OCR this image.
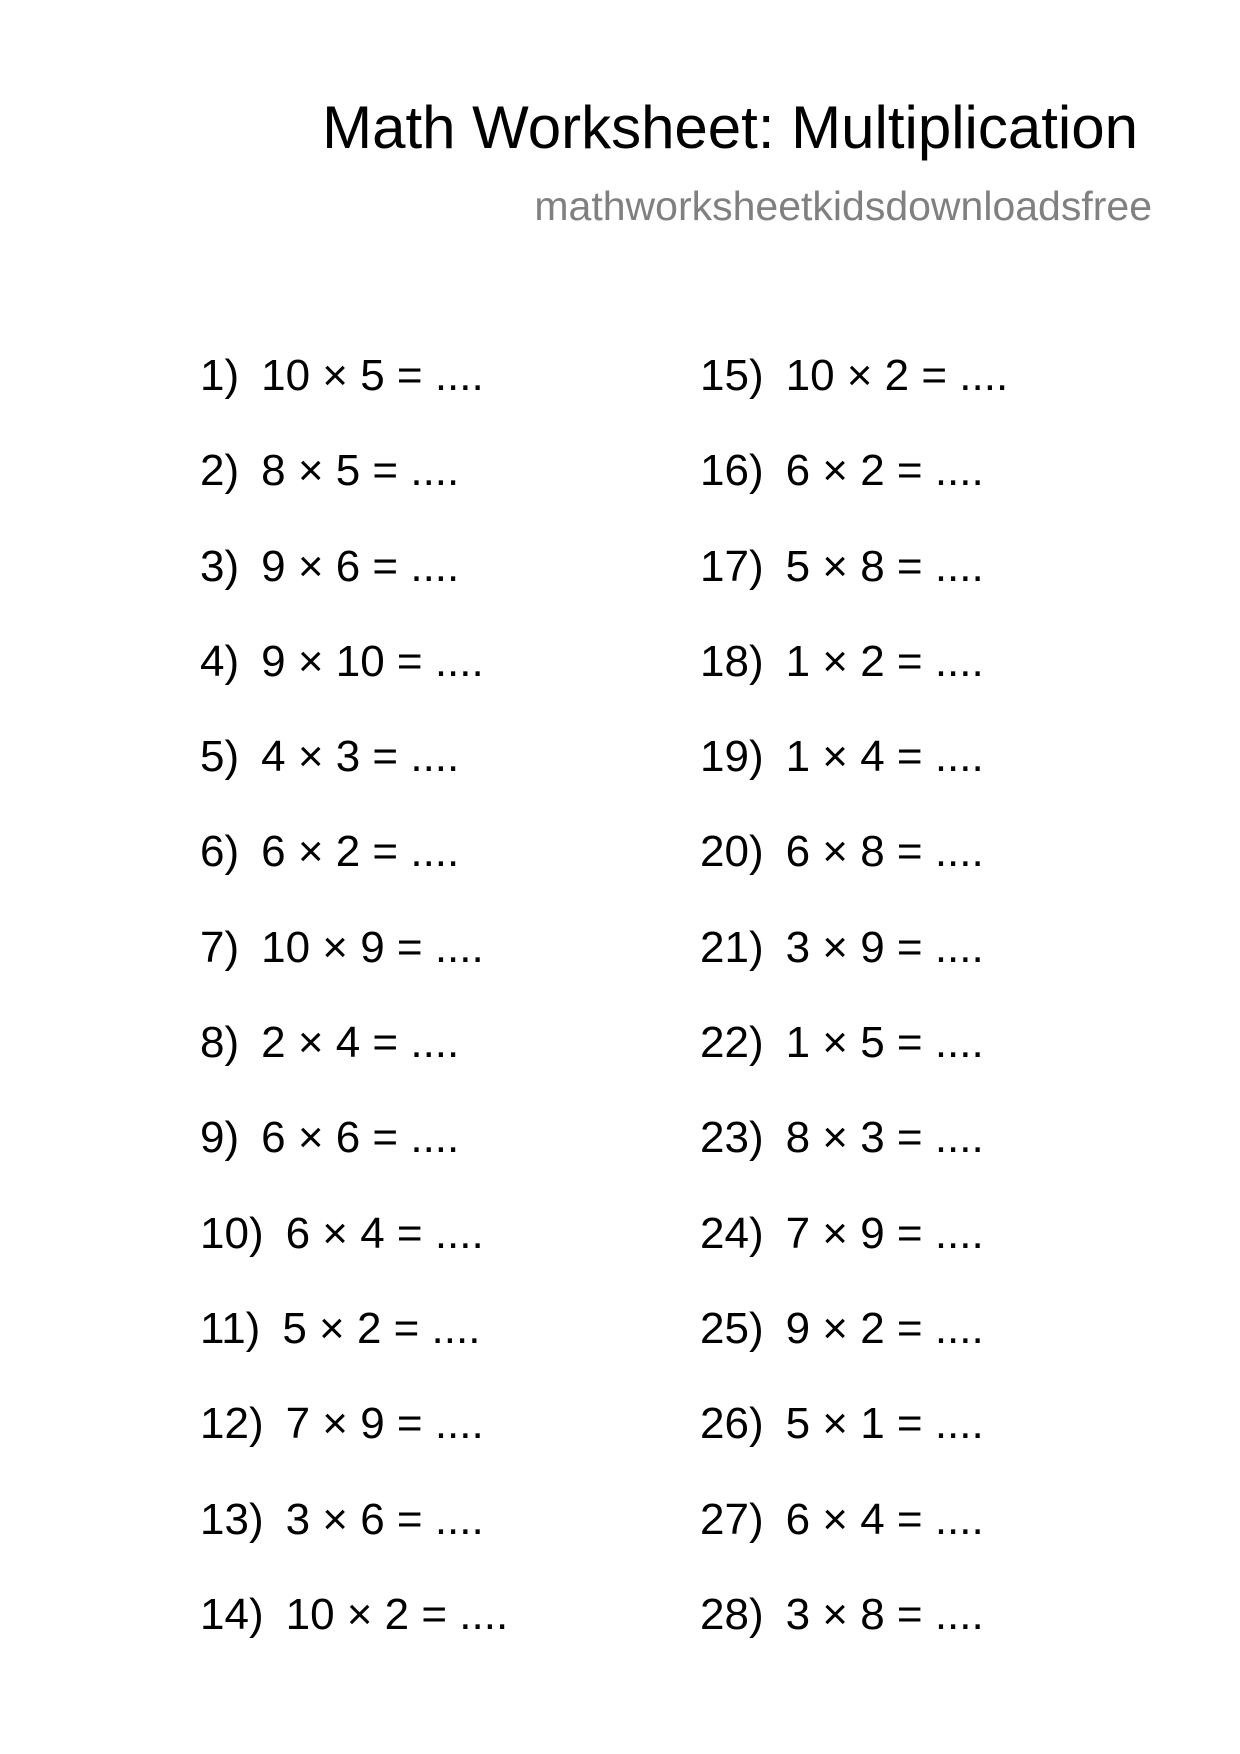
Math Worksheet: Multiplication
mathworksheetkidsdownloadsfree
1) 10 × 5 = ....
2) 8 × 5 = ....
3) 9 × 6 = ....
4) 9 × 10 = ....
5) 4 × 3 = ....
6) 6 × 2 = ....
7) 10 × 9 = ....
8) 2 × 4 = ....
9) 6 × 6 = ....
10) 6 × 4 = ....
11) 5 × 2 = ....
12) 7 × 9 = ....
13) 3 × 6 = ....
14) 10 × 2 = ....
15) 10 × 2 = ....
16) 6 × 2 = ....
17) 5 × 8 = ....
18) 1 × 2 = ....
19) 1 × 4 = ....
20) 6 × 8 = ....
21) 3 × 9 = ....
22) 1 × 5 = ....
23) 8 × 3 = ....
24) 7 × 9 = ....
25) 9 × 2 = ....
26) 5 × 1 = ....
27) 6 × 4 = ....
28) 3 × 8 = ....
